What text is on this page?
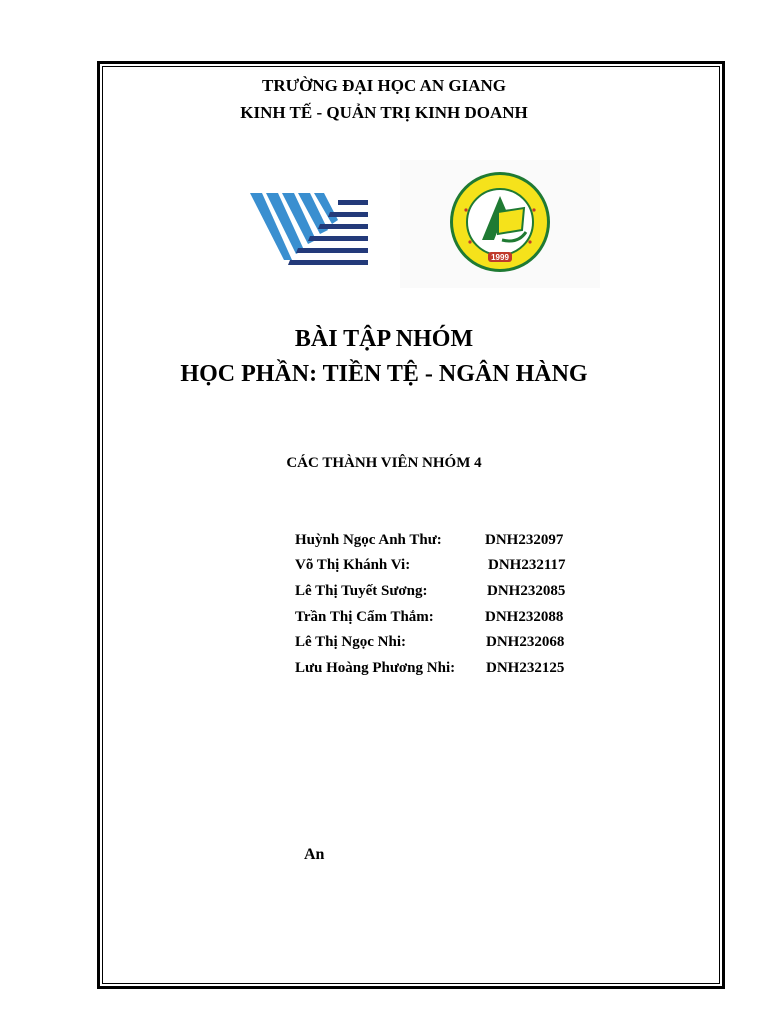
TRƯỜNG ĐẠI HỌC AN GIANG
KINH TẾ - QUẢN TRỊ KINH DOANH
1999
BÀI TẬP NHÓM
HỌC PHẦN: TIỀN TỆ - NGÂN HÀNG
CÁC THÀNH VIÊN NHÓM 4
Huỳnh Ngọc Anh Thư:	DNH232097
Võ Thị Khánh Vi:	DNH232117
Lê Thị Tuyết Sương:	DNH232085
Trần Thị Cẩm Thắm:	DNH232088
Lê Thị Ngọc Nhi:	DNH232068
Lưu Hoàng Phương Nhi: DNH232125
An
